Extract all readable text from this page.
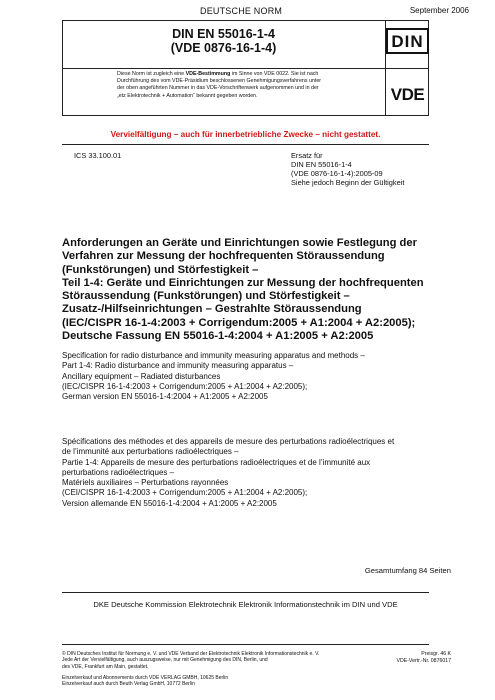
DEUTSCHE NORM	September 2006
DIN EN 55016-1-4
(VDE 0876-16-1-4)	DIN
VDE
Diese Norm ist zugleich eine VDE-Bestimmung im Sinne von VDE 0022. Sie ist nach
Durchführung des vom VDE-Präsidium beschlossenen Genehmigungsverfahrens unter
der oben angeführten Nummer in das VDE-Vorschriftenwerk aufgenommen und in der
„etz Elektrotechnik + Automation“ bekannt gegeben worden.
Vervielfältigung – auch für innerbetriebliche Zwecke – nicht gestattet.
ICS 33.100.01	Ersatz für
DIN EN 55016-1-4
(VDE 0876-16-1-4):2005-09
Siehe jedoch Beginn der Gültigkeit
Anforderungen an Geräte und Einrichtungen sowie Festlegung der
Verfahren zur Messung der hochfrequenten Störaussendung
(Funkstörungen) und Störfestigkeit –
Teil 1-4: Geräte und Einrichtungen zur Messung der hochfrequenten
Störaussendung (Funkstörungen) und Störfestigkeit –
Zusatz-/Hilfseinrichtungen – Gestrahlte Störaussendung
(IEC/CISPR 16-1-4:2003 + Corrigendum:2005 + A1:2004 + A2:2005);
Deutsche Fassung EN 55016-1-4:2004 + A1:2005 + A2:2005
Specification for radio disturbance and immunity measuring apparatus and methods –
Part 1-4: Radio disturbance and immunity measuring apparatus –
Ancillary equipment – Radiated disturbances
(IEC/CISPR 16-1-4:2003 + Corrigendum:2005 + A1:2004 + A2:2005);
German version EN 55016-1-4:2004 + A1:2005 + A2:2005
Spécifications des méthodes et des appareils de mesure des perturbations radioélectriques et
de l’immunité aux perturbations radioélectriques –
Partie 1-4: Appareils de mesure des perturbations radioélectriques et de l’immunité aux
perturbations radioélectriques –
Matériels auxiliaires – Perturbations rayonnées
(CEI/CISPR 16-1-4:2003 + Corrigendum:2005 + A1:2004 + A2:2005);
Version allemande EN 55016-1-4:2004 + A1:2005 + A2:2005
Gesamtumfang 84 Seiten
DKE Deutsche Kommission Elektrotechnik Elektronik Informationstechnik im DIN und VDE
© DIN Deutsches Institut für Normung e. V. und VDE Verband der Elektrotechnik Elektronik Informationstechnik e. V.
Jede Art der Vervielfältigung, auch auszugsweise, nur mit Genehmigung des DIN, Berlin, und
des VDE, Frankfurt am Main, gestattet.
Einzelverkauf und Abonnements durch VDE VERLAG GMBH, 10625 Berlin
Einzelverkauf auch durch Beuth Verlag GmbH, 10772 Berlin
Preisgr. 46 K
VDE-Vertr.-Nr. 0876017
